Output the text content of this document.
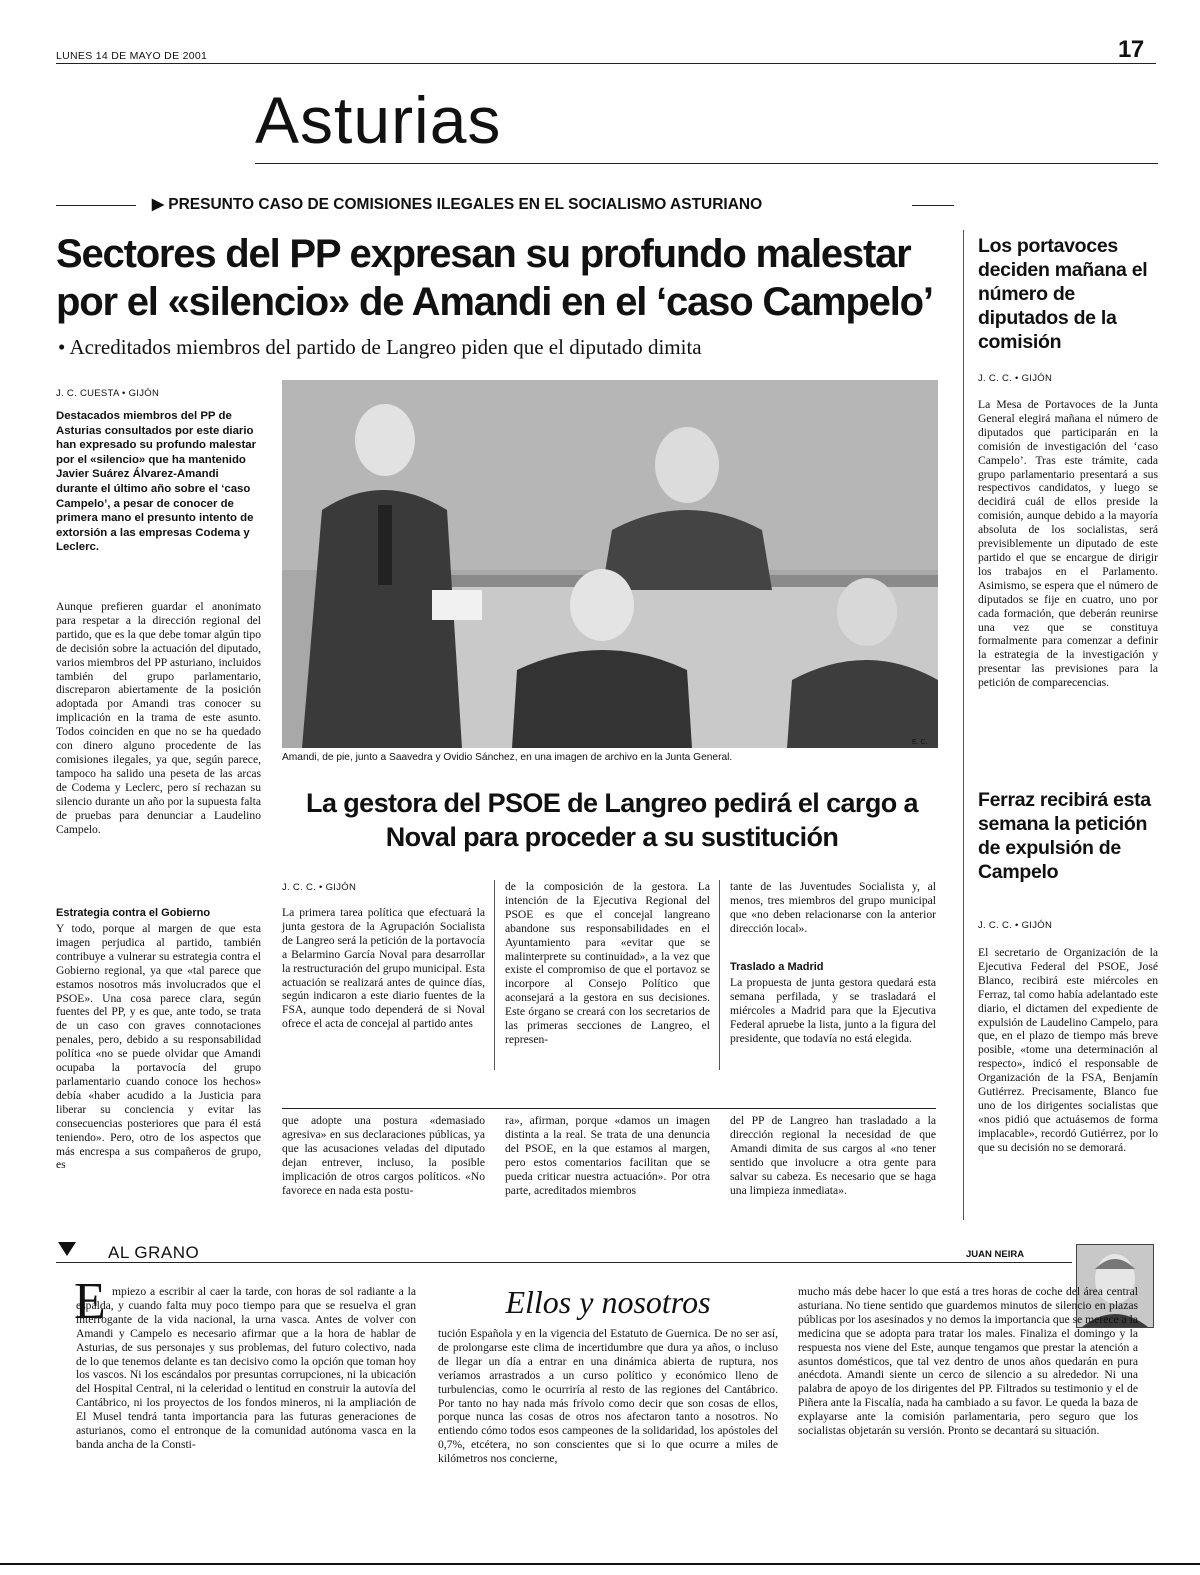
LUNES 14 DE MAYO DE 2001	17
Asturias
▶ PRESUNTO CASO DE COMISIONES ILEGALES EN EL SOCIALISMO ASTURIANO
Sectores del PP expresan su profundo malestar por el «silencio» de Amandi en el ‘caso Campelo’
• Acreditados miembros del partido de Langreo piden que el diputado dimita
J. C. CUESTA • GIJÓN
Destacados miembros del PP de Asturias consultados por este diario han expresado su profundo malestar por el «silencio» que ha mantenido Javier Suárez Álvarez-Amandi durante el último año sobre el ‘caso Campelo’, a pesar de conocer de primera mano el presunto intento de extorsión a las empresas Codema y Leclerc.
Aunque prefieren guardar el anonimato para respetar a la dirección regional del partido, que es la que debe tomar algún tipo de decisión sobre la actuación del diputado, varios miembros del PP asturiano, incluidos también del grupo parlamentario, discreparon abiertamente de la posición adoptada por Amandi tras conocer su implicación en la trama de este asunto. Todos coinciden en que no se ha quedado con dinero alguno procedente de las comisiones ilegales, ya que, según parece, tampoco ha salido una peseta de las arcas de Codema y Leclerc, pero sí rechazan su silencio durante un año por la supuesta falta de pruebas para denunciar a Laudelino Campelo.
Estrategia contra el Gobierno
Y todo, porque al margen de que esta imagen perjudica al partido, también contribuye a vulnerar su estrategia contra el Gobierno regional, ya que «tal parece que estamos nosotros más involucrados que el PSOE». Una cosa parece clara, según fuentes del PP, y es que, ante todo, se trata de un caso con graves connotaciones penales, pero, debido a su responsabilidad política «no se puede olvidar que Amandi ocupaba la portavocía del grupo parlamentario cuando conoce los hechos» debía «haber acudido a la Justicia para liberar su conciencia y evitar las consecuencias posteriores que para él está teniendo». Pero, otro de los aspectos que más encrespa a sus compañeros de grupo, es
E. C.
Amandi, de pie, junto a Saavedra y Ovidio Sánchez, en una imagen de archivo en la Junta General.
La gestora del PSOE de Langreo pedirá el cargo a Noval para proceder a su sustitución
J. C. C. • GIJÓN
La primera tarea política que efectuará la junta gestora de la Agrupación Socialista de Langreo será la petición de la portavocía a Belarmino García Noval para desarrollar la restructuración del grupo municipal. Esta actuación se realizará antes de quince días, según indicaron a este diario fuentes de la FSA, aunque todo dependerá de si Noval ofrece el acta de concejal al partido antes
de la composición de la gestora. La intención de la Ejecutiva Regional del PSOE es que el concejal langreano abandone sus responsabilidades en el Ayuntamiento para «evitar que se malinterprete su continuidad», a la vez que existe el compromiso de que el portavoz se incorpore al Consejo Político que aconsejará a la gestora en sus decisiones. Este órgano se creará con los secretarios de las primeras secciones de Langreo, el represen-
tante de las Juventudes Socialista y, al menos, tres miembros del grupo municipal que «no deben relacionarse con la anterior dirección local».
Traslado a Madrid
La propuesta de junta gestora quedará esta semana perfilada, y se trasladará el miércoles a Madrid para que la Ejecutiva Federal apruebe la lista, junto a la figura del presidente, que todavía no está elegida.
que adopte una postura «demasiado agresiva» en sus declaraciones públicas, ya que las acusaciones veladas del diputado dejan entrever, incluso, la posible implicación de otros cargos políticos. «No favorece en nada esta postu-
ra», afirman, porque «damos un imagen distinta a la real. Se trata de una denuncia del PSOE, en la que estamos al margen, pero estos comentarios facilitan que se pueda criticar nuestra actuación». Por otra parte, acreditados miembros
del PP de Langreo han trasladado a la dirección regional la necesidad de que Amandi dimita de sus cargos al «no tener sentido que involucre a otra gente para salvar su cabeza. Es necesario que se haga una limpieza inmediata».
Los portavoces deciden mañana el número de diputados de la comisión
J. C. C. • GIJÓN
La Mesa de Portavoces de la Junta General elegirá mañana el número de diputados que participarán en la comisión de investigación del ‘caso Campelo’. Tras este trámite, cada grupo parlamentario presentará a sus respectivos candidatos, y luego se decidirá cuál de ellos preside la comisión, aunque debido a la mayoría absoluta de los socialistas, será previsiblemente un diputado de este partido el que se encargue de dirigir los trabajos en el Parlamento. Asimismo, se espera que el número de diputados se fije en cuatro, uno por cada formación, que deberán reunirse una vez que se constituya formalmente para comenzar a definir la estrategia de la investigación y presentar las previsiones para la petición de comparecencias.
Ferraz recibirá esta semana la petición de expulsión de Campelo
J. C. C. • GIJÓN
El secretario de Organización de la Ejecutiva Federal del PSOE, José Blanco, recibirá este miércoles en Ferraz, tal como había adelantado este diario, el dictamen del expediente de expulsión de Laudelino Campelo, para que, en el plazo de tiempo más breve posible, «tome una determinación al respecto», indicó el responsable de Organización de la FSA, Benjamín Gutiérrez. Precisamente, Blanco fue uno de los dirigentes socialistas que «nos pidió que actuásemos de forma implacable», recordó Gutiérrez, por lo que su decisión no se demorará.
AL GRANO	JUAN NEIRA
E mpiezo a escribir al caer la tarde, con horas de sol radiante a la espalda, y cuando falta muy poco tiempo para que se resuelva el gran interrogante de la vida nacional, la urna vasca. Antes de volver con Amandi y Campelo es necesario afirmar que a la hora de hablar de Asturias, de sus personajes y sus problemas, del futuro colectivo, nada de lo que tenemos delante es tan decisivo como la opción que toman hoy los vascos. Ni los escándalos por presuntas corrupciones, ni la ubicación del Hospital Central, ni la celeridad o lentitud en construir la autovía del Cantábrico, ni los proyectos de los fondos mineros, ni la ampliación de El Musel tendrá tanta importancia para las futuras generaciones de asturianos, como el entronque de la comunidad autónoma vasca en la banda ancha de la Consti-
Ellos y nosotros
tución Española y en la vigencia del Estatuto de Guernica. De no ser así, de prolongarse este clima de incertidumbre que dura ya años, o incluso de llegar un día a entrar en una dinámica abierta de ruptura, nos veríamos arrastrados a un curso político y económico lleno de turbulencias, como le ocurriría al resto de las regiones del Cantábrico. Por tanto no hay nada más frívolo como decir que son cosas de ellos, porque nunca las cosas de otros nos afectaron tanto a nosotros. No entiendo cómo todos esos campeones de la solidaridad, los apóstoles del 0,7%, etcétera, no son conscientes que si lo que ocurre a miles de kilómetros nos concierne,
mucho más debe hacer lo que está a tres horas de coche del área central asturiana. No tiene sentido que guardemos minutos de silencio en plazas públicas por los asesinados y no demos la importancia que se merece a la medicina que se adopta para tratar los males. Finaliza el domingo y la respuesta nos viene del Este, aunque tengamos que prestar la atención a asuntos domésticos, que tal vez dentro de unos años quedarán en pura anécdota. Amandi siente un cerco de silencio a su alrededor. Ni una palabra de apoyo de los dirigentes del PP. Filtrados su testimonio y el de Piñera ante la Fiscalía, nada ha cambiado a su favor. Le queda la baza de explayarse ante la comisión parlamentaria, pero seguro que los socialistas objetarán su versión. Pronto se decantará su situación.
